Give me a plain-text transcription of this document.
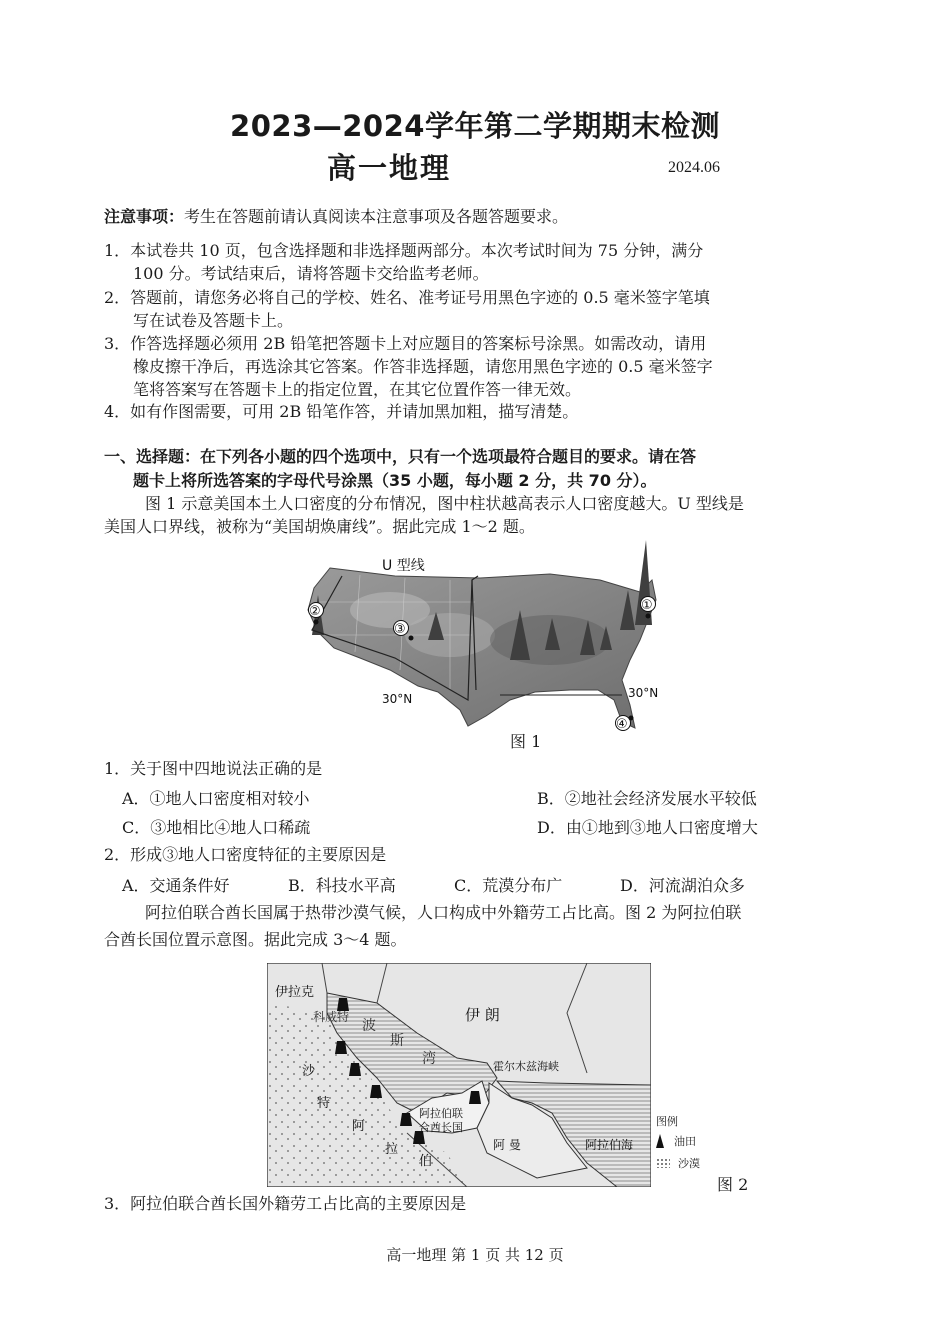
2023—2024学年第二学期期末检测
高一地理	2024.06
注意事项：考生在答题前请认真阅读本注意事项及各题答题要求。
1．本试卷共 10 页，包含选择题和非选择题两部分。本次考试时间为 75 分钟，满分
100 分。考试结束后，请将答题卡交给监考老师。
2．答题前，请您务必将自己的学校、姓名、准考证号用黑色字迹的 0.5 毫米签字笔填
写在试卷及答题卡上。
3．作答选择题必须用 2B 铅笔把答题卡上对应题目的答案标号涂黑。如需改动，请用
橡皮擦干净后，再选涂其它答案。作答非选择题，请您用黑色字迹的 0.5 毫米签字
笔将答案写在答题卡上的指定位置，在其它位置作答一律无效。
4．如有作图需要，可用 2B 铅笔作答，并请加黑加粗，描写清楚。
一、选择题：在下列各小题的四个选项中，只有一个选项最符合题目的要求。请在答
题卡上将所选答案的字母代号涂黑（35 小题，每小题 2 分，共 70 分）。
图 1 示意美国本土人口密度的分布情况，图中柱状越高表示人口密度越大。U 型线是
美国人口界线，被称为“美国胡焕庸线”。据此完成 1～2 题。
U 型线
30°N	30°N
①
②
③
④
图 1
1．关于图中四地说法正确的是
A．①地人口密度相对较小	B．②地社会经济发展水平较低
C．③地相比④地人口稀疏	D．由①地到③地人口密度增大
2．形成③地人口密度特征的主要原因是
A．交通条件好	B．科技水平高	C．荒漠分布广	D．河流湖泊众多
阿拉伯联合酋长国属于热带沙漠气候，人口构成中外籍劳工占比高。图 2 为阿拉伯联
合酋长国位置示意图。据此完成 3～4 题。
伊拉克
科威特	伊 朗
波
斯
湾	霍尔木兹海峡
沙
特
阿
拉
伯
阿拉伯联
合酋长国
阿 曼	阿拉伯海
图例
油田
沙漠
图 2
3．阿拉伯联合酋长国外籍劳工占比高的主要原因是
高一地理 第 1 页 共 12 页
